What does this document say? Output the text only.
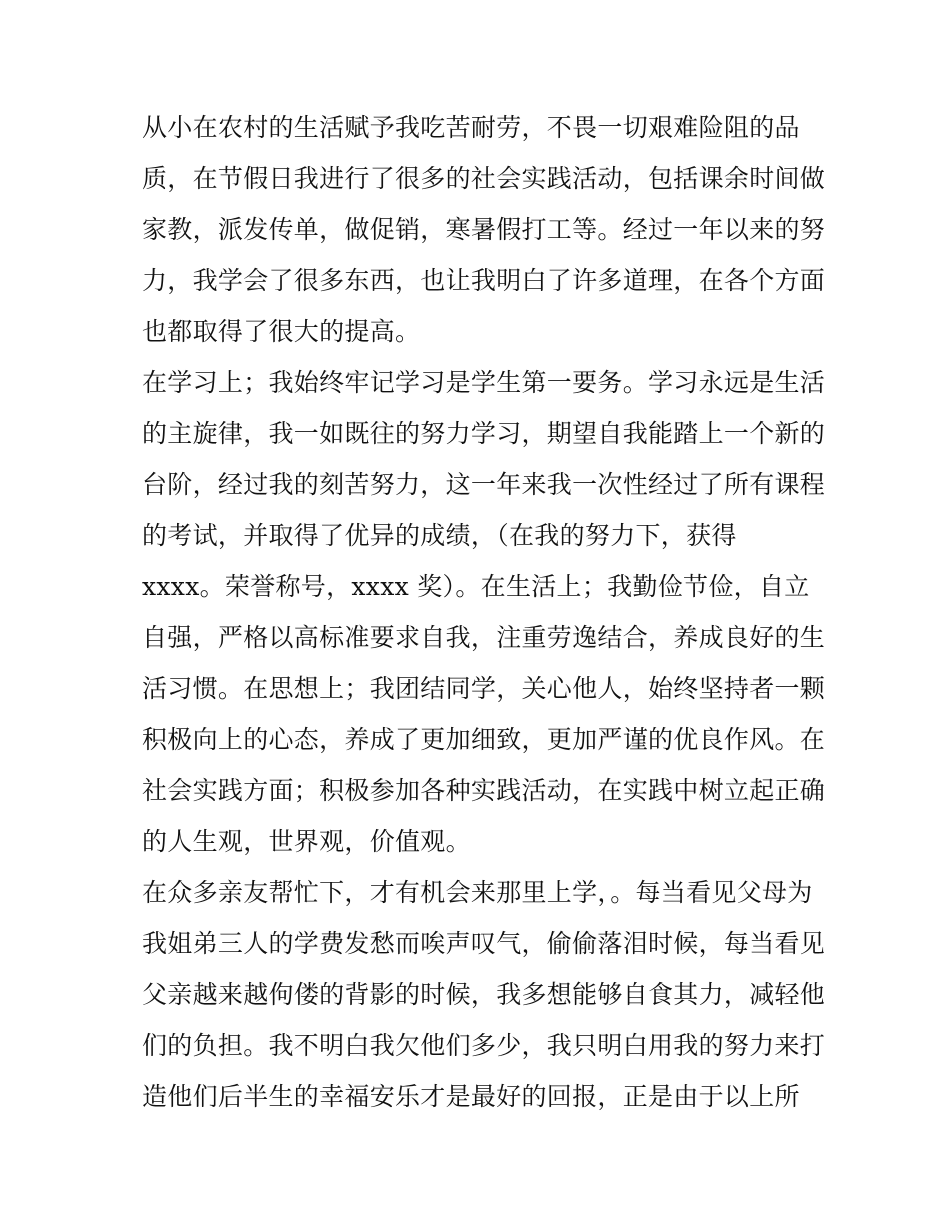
从小在农村的生活赋予我吃苦耐劳，不畏一切艰难险阻的品
质，在节假日我进行了很多的社会实践活动，包括课余时间做
家教，派发传单，做促销，寒暑假打工等。经过一年以来的努
力，我学会了很多东西，也让我明白了许多道理，在各个方面
也都取得了很大的提高。
在学习上；我始终牢记学习是学生第一要务。学习永远是生活
的主旋律，我一如既往的努力学习，期望自我能踏上一个新的
台阶，经过我的刻苦努力，这一年来我一次性经过了所有课程
的考试，并取得了优异的成绩，（在我的努力下，获得
xxxx。荣誉称号，xxxx 奖）。在生活上；我勤俭节俭，自立
自强，严格以高标准要求自我，注重劳逸结合，养成良好的生
活习惯。在思想上；我团结同学，关心他人，始终坚持者一颗
积极向上的心态，养成了更加细致，更加严谨的优良作风。在
社会实践方面；积极参加各种实践活动，在实践中树立起正确
的人生观，世界观，价值观。
在众多亲友帮忙下，才有机会来那里上学，。每当看见父母为
我姐弟三人的学费发愁而唉声叹气，偷偷落泪时候，每当看见
父亲越来越佝偻的背影的时候，我多想能够自食其力，减轻他
们的负担。我不明白我欠他们多少，我只明白用我的努力来打
造他们后半生的幸福安乐才是最好的回报，正是由于以上所
